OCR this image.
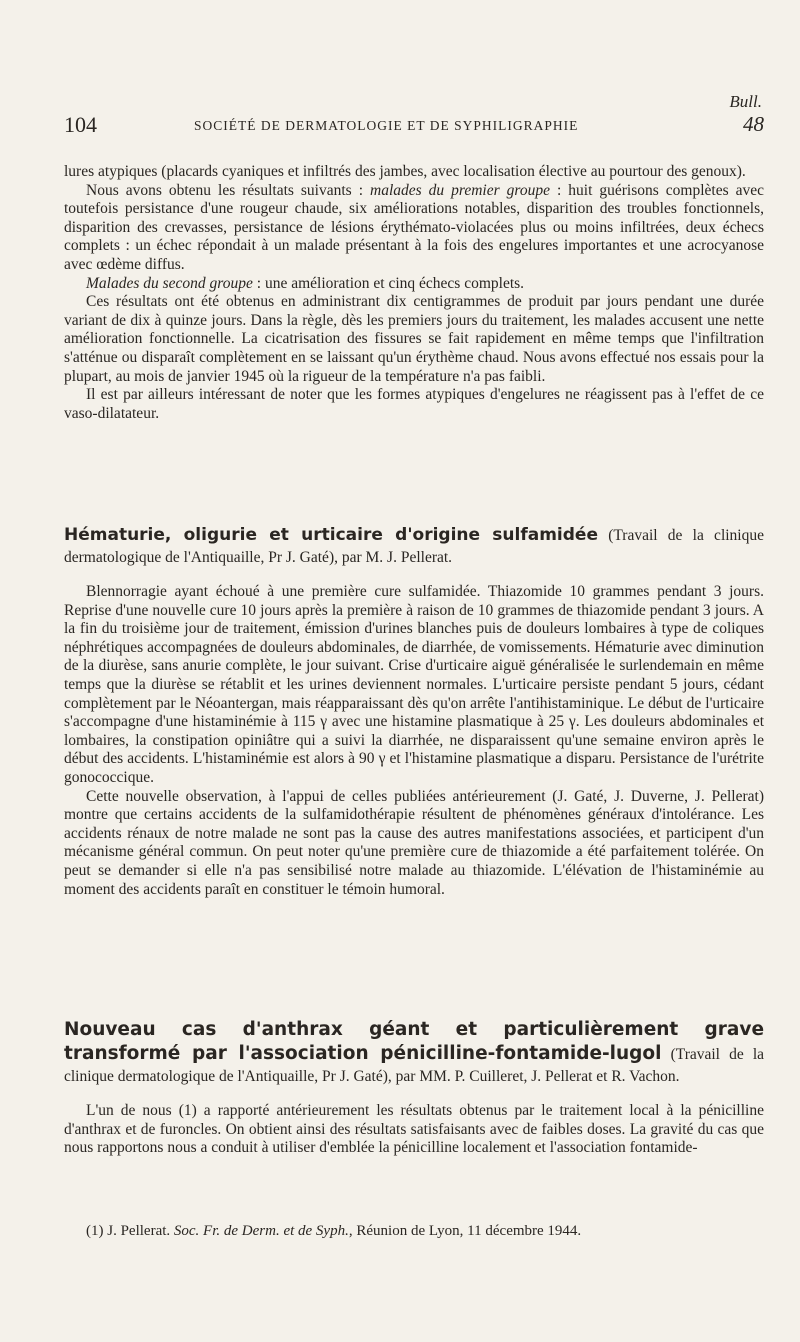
Bull.
104	SOCIÉTÉ DE DERMATOLOGIE ET DE SYPHILIGRAPHIE	48

lures atypiques (placards cyaniques et infiltrés des jambes, avec localisation élective au pourtour des genoux).

Nous avons obtenu les résultats suivants : malades du premier groupe : huit guérisons complètes avec toutefois persistance d'une rougeur chaude, six améliorations notables, disparition des troubles fonctionnels, disparition des crevasses, persistance de lésions érythémato-violacées plus ou moins infiltrées, deux échecs complets : un échec répondait à un malade présentant à la fois des engelures importantes et une acrocyanose avec œdème diffus.

Malades du second groupe : une amélioration et cinq échecs complets.

Ces résultats ont été obtenus en administrant dix centigrammes de produit par jours pendant une durée variant de dix à quinze jours. Dans la règle, dès les premiers jours du traitement, les malades accusent une nette amélioration fonctionnelle. La cicatrisation des fissures se fait rapidement en même temps que l'infiltration s'atténue ou disparaît complètement en se laissant qu'un érythème chaud. Nous avons effectué nos essais pour la plupart, au mois de janvier 1945 où la rigueur de la température n'a pas faibli.

Il est par ailleurs intéressant de noter que les formes atypiques d'engelures ne réagissent pas à l'effet de ce vaso-dilatateur.

Hématurie, oligurie et urticaire d'origine sulfamidée (Travail de la clinique dermatologique de l'Antiquaille, Pr J. Gaté), par M. J. Pellerat.

Blennorragie ayant échoué à une première cure sulfamidée. Thiazomide 10 grammes pendant 3 jours. Reprise d'une nouvelle cure 10 jours après la première à raison de 10 grammes de thiazomide pendant 3 jours. A la fin du troisième jour de traitement, émission d'urines blanches puis de douleurs lombaires à type de coliques néphrétiques accompagnées de douleurs abdominales, de diarrhée, de vomissements. Hématurie avec diminution de la diurèse, sans anurie complète, le jour suivant. Crise d'urticaire aiguë généralisée le surlendemain en même temps que la diurèse se rétablit et les urines deviennent normales. L'urticaire persiste pendant 5 jours, cédant complètement par le Néoantergan, mais réapparaissant dès qu'on arrête l'antihistaminique. Le début de l'urticaire s'accompagne d'une histaminémie à 115 γ avec une histamine plasmatique à 25 γ. Les douleurs abdominales et lombaires, la constipation opiniâtre qui a suivi la diarrhée, ne disparaissent qu'une semaine environ après le début des accidents. L'histaminémie est alors à 90 γ et l'histamine plasmatique a disparu. Persistance de l'urétrite gonococcique.

Cette nouvelle observation, à l'appui de celles publiées antérieurement (J. Gaté, J. Duverne, J. Pellerat) montre que certains accidents de la sulfamidothérapie résultent de phénomènes généraux d'intolérance. Les accidents rénaux de notre malade ne sont pas la cause des autres manifestations associées, et participent d'un mécanisme général commun. On peut noter qu'une première cure de thiazomide a été parfaitement tolérée. On peut se demander si elle n'a pas sensibilisé notre malade au thiazomide. L'élévation de l'histaminémie au moment des accidents paraît en constituer le témoin humoral.

Nouveau cas d'anthrax géant et particulièrement grave transformé par l'association pénicilline-fontamide-lugol (Travail de la clinique dermatologique de l'Antiquaille, Pr J. Gaté), par MM. P. Cuilleret, J. Pellerat et R. Vachon.

L'un de nous (1) a rapporté antérieurement les résultats obtenus par le traitement local à la pénicilline d'anthrax et de furoncles. On obtient ainsi des résultats satisfaisants avec de faibles doses. La gravité du cas que nous rapportons nous a conduit à utiliser d'emblée la pénicilline localement et l'association fontamide-

(1) J. Pellerat. Soc. Fr. de Derm. et de Syph., Réunion de Lyon, 11 décembre 1944.
